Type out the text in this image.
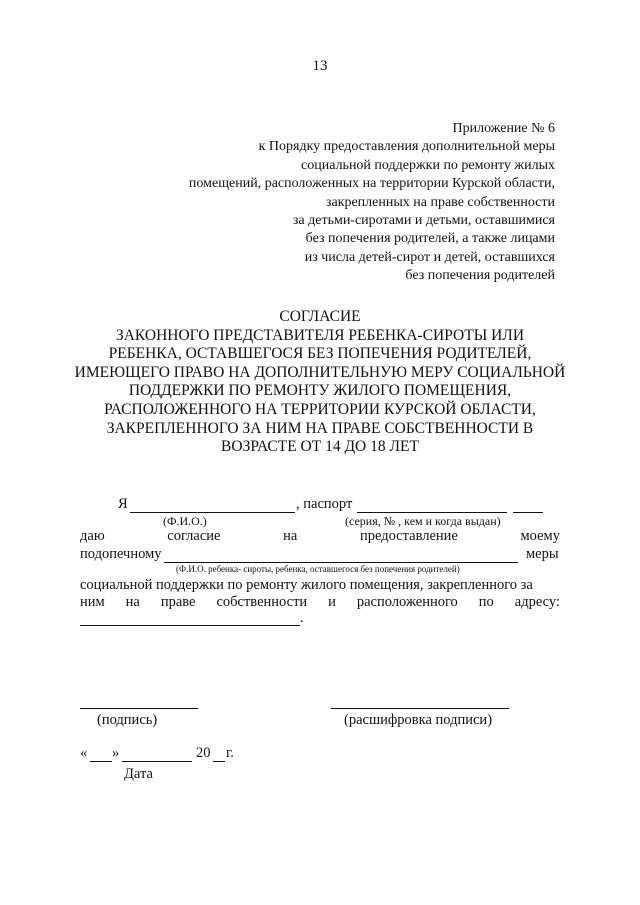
13
Приложение № 6
к Порядку предоставления дополнительной меры
социальной поддержки по ремонту жилых
помещений, расположенных на территории Курской области,
закрепленных на праве собственности
за детьми-сиротами и детьми, оставшимися
без попечения родителей, а также лицами
из числа детей-сирот и детей, оставшихся
без попечения родителей
СОГЛАСИЕ
ЗАКОННОГО ПРЕДСТАВИТЕЛЯ РЕБЕНКА-СИРОТЫ ИЛИ
РЕБЕНКА, ОСТАВШЕГОСЯ БЕЗ ПОПЕЧЕНИЯ РОДИТЕЛЕЙ,
ИМЕЮЩЕГО ПРАВО НА ДОПОЛНИТЕЛЬНУЮ МЕРУ СОЦИАЛЬНОЙ
ПОДДЕРЖКИ ПО РЕМОНТУ ЖИЛОГО ПОМЕЩЕНИЯ,
РАСПОЛОЖЕННОГО НА ТЕРРИТОРИИ КУРСКОЙ ОБЛАСТИ,
ЗАКРЕПЛЕННОГО ЗА НИМ НА ПРАВЕ СОБСТВЕННОСТИ В
ВОЗРАСТЕ ОТ 14 ДО 18 ЛЕТ
Я	, паспорт
(Ф.И.О.)	(серия, № , кем и когда выдан)
даю	согласие	на	предоставление	моему
подопечному	меры
(Ф.И.О. ребенка- сироты, ребенка, оставшегося без попечения родителей)
социальной поддержки по ремонту жилого помещения, закрепленного за
ним на праве собственности и расположенного по адресу:
.
(подпись)	(расшифровка подписи)
« »	20 г.
Дата
